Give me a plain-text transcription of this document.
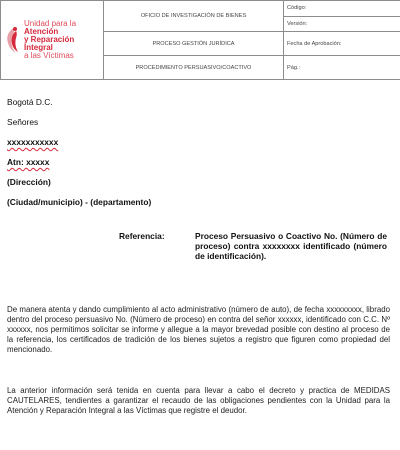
Unidad para la Atención
y Reparación Integral
a las Víctimas	OFICIO DE INVESTIGACIÓN DE BIENES	Código:
		Versión:
	PROCESO GESTIÓN JURÍDICA	Fecha de Aprobación:
	PROCEDIMIENTO PERSUASIVO/COACTIVO	Pág.:
Bogotá D.C.
Señores
xxxxxxxxxxx
Atn: xxxxx
(Dirección)
(Ciudad/municipio) - (departamento)
Referencia:	Proceso Persuasivo o Coactivo No. (Número de proceso) contra xxxxxxxx identificado (número de identificación).

De manera atenta y dando cumplimiento al acto administrativo (número de auto), de fecha xxxxxxxxx, librado dentro del proceso persuasivo No. (Número de proceso) en contra del señor xxxxxx, identificado con C.C. Nº xxxxxx, nos permitimos solicitar se informe y allegue a la mayor brevedad posible con destino al proceso de la referencia, los certificados de tradición de los bienes sujetos a registro que figuren como propiedad del mencionado.

La anterior información será tenida en cuenta para llevar a cabo el decreto y practica de MEDIDAS CAUTELARES, tendientes a garantizar el recaudo de las obligaciones pendientes con la Unidad para la Atención y Reparación Integral a las Víctimas que registre el deudor.
